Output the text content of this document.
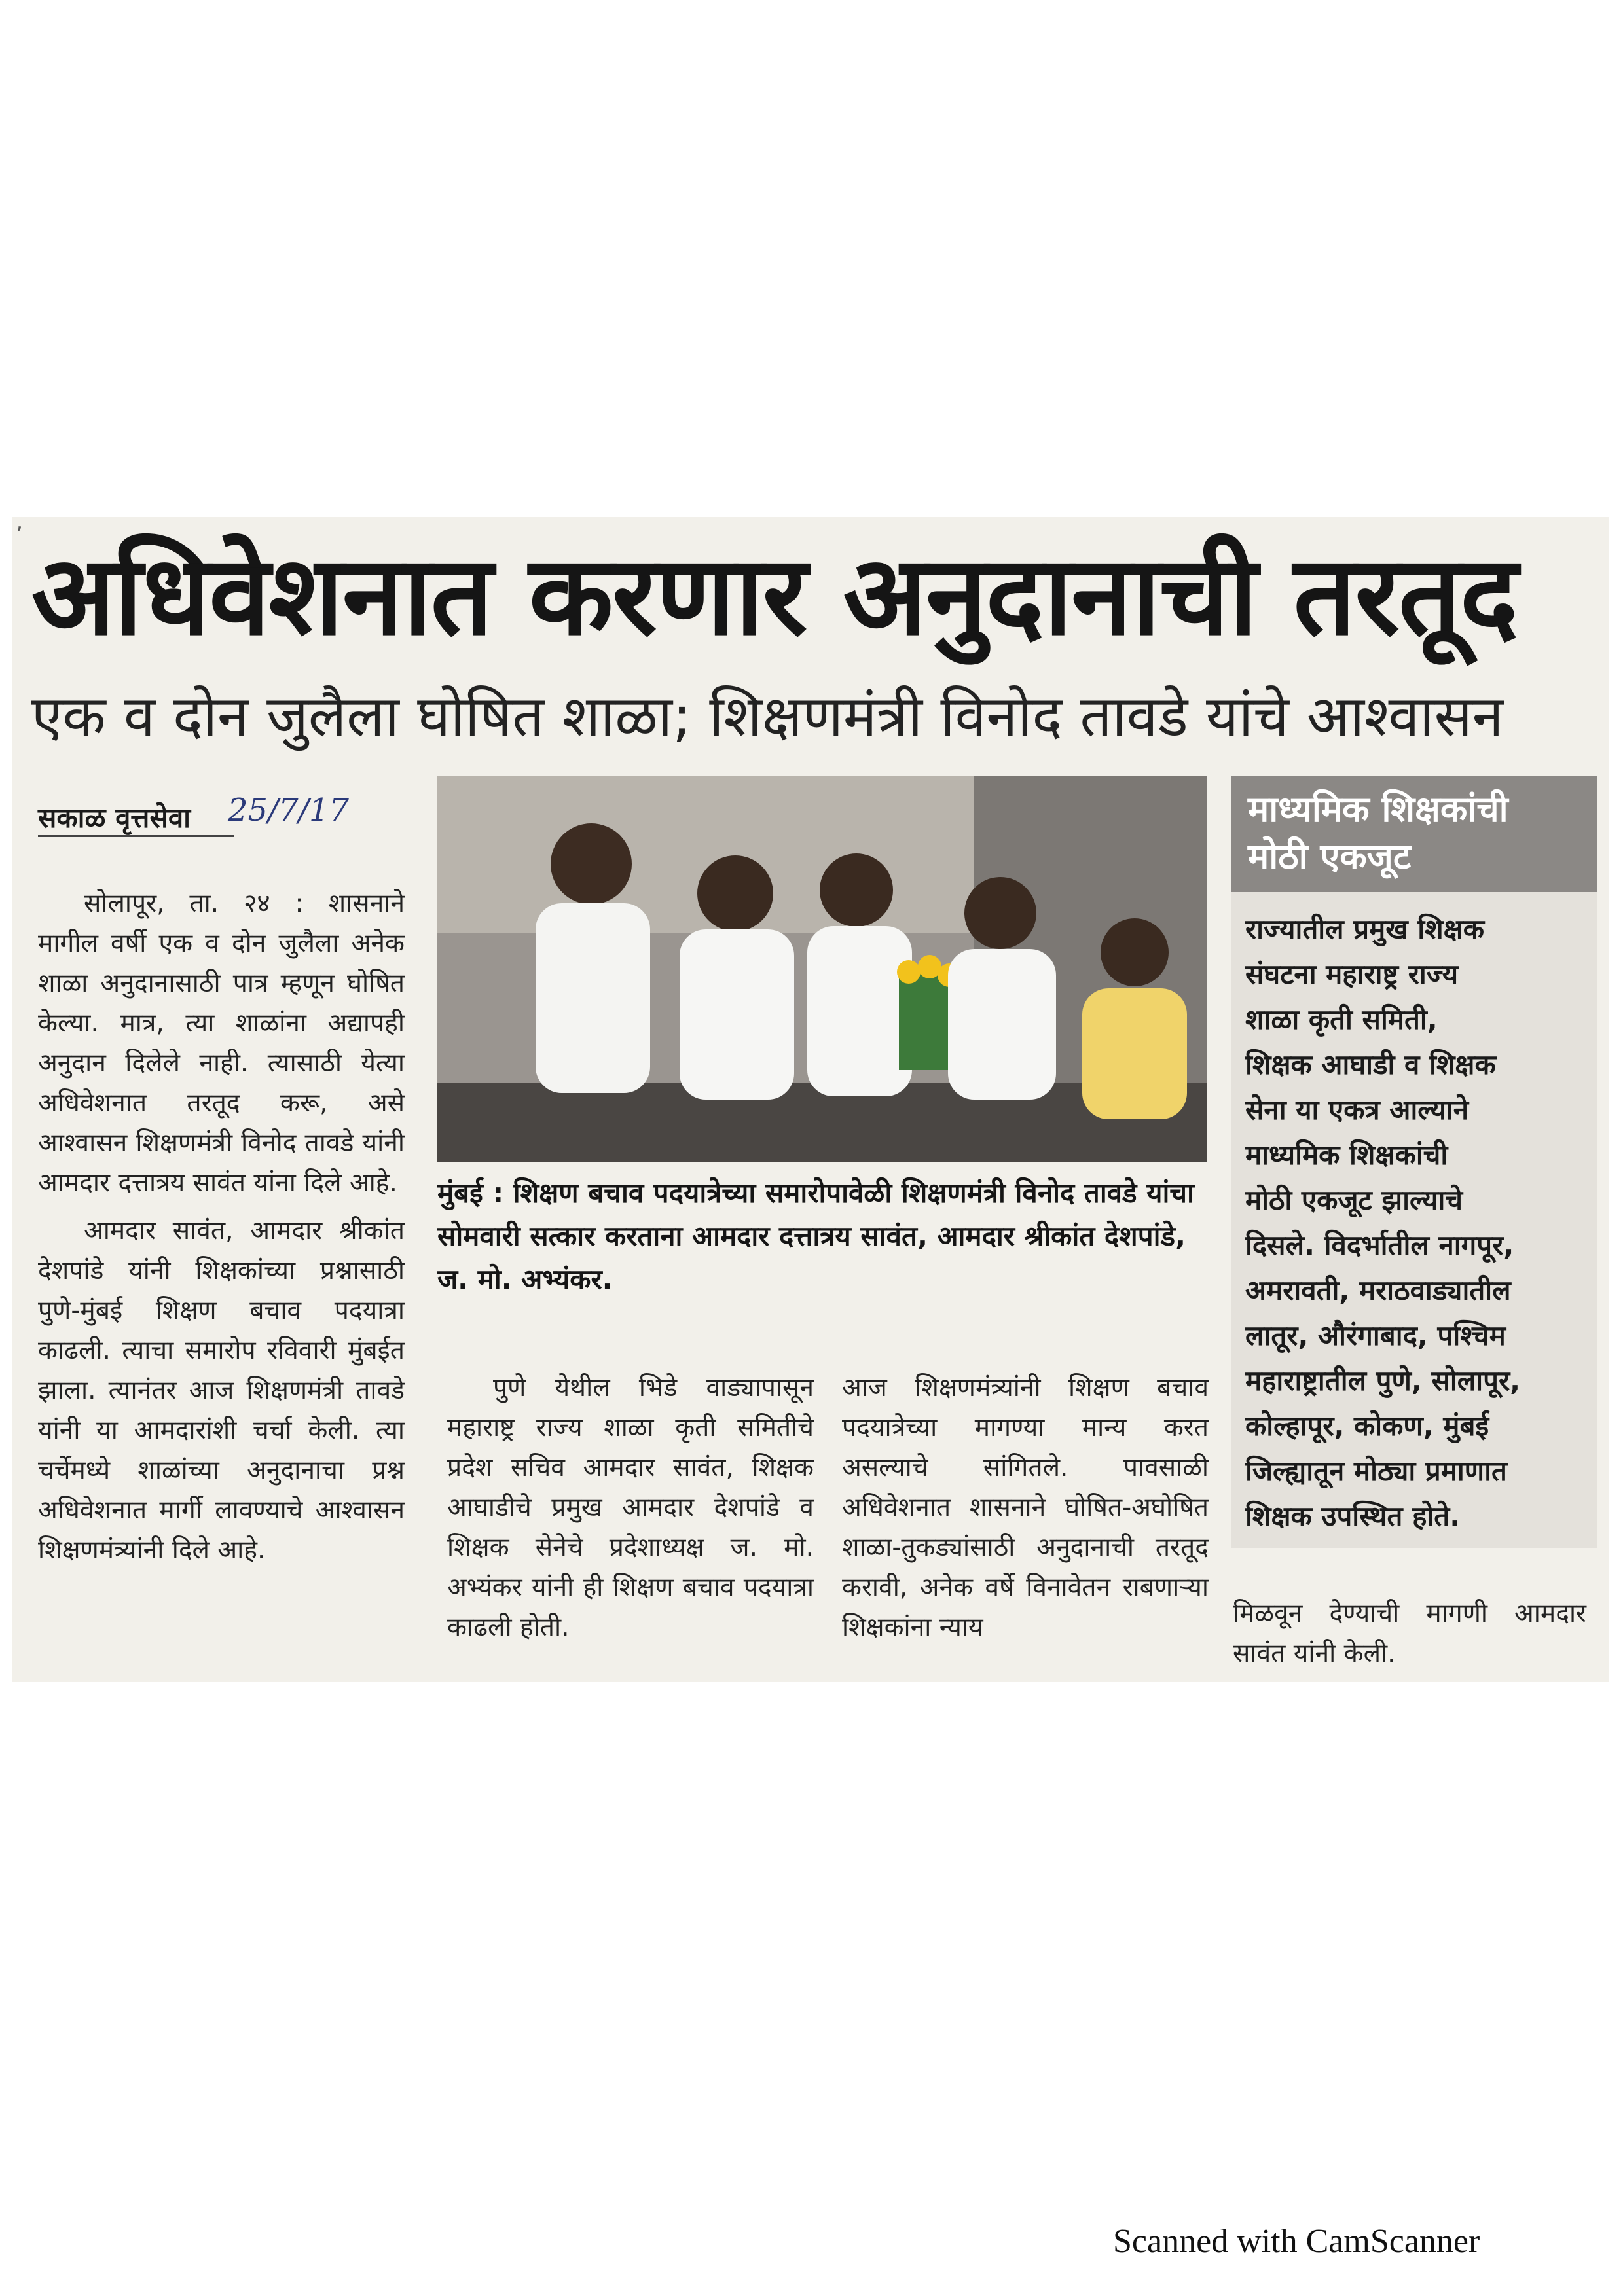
ʼ अधिवेशनात करणार अनुदानाची तरतूद
एक व दोन जुलैला घोषित शाळा; शिक्षणमंत्री विनोद तावडे यांचे आश्वासन
सकाळ वृत्तसेवा 25/7/17

सोलापूर, ता. २४ : शासनाने मागील वर्षी एक व दोन जुलैला अनेक शाळा अनुदानासाठी पात्र म्हणून घोषित केल्या. मात्र, त्या शाळांना अद्यापही अनुदान दिलेले नाही. त्यासाठी येत्या अधिवेशनात तरतूद करू, असे आश्वासन शिक्षणमंत्री विनोद तावडे यांनी आमदार दत्तात्रय सावंत यांना दिले आहे.

आमदार सावंत, आमदार श्रीकांत देशपांडे यांनी शिक्षकांच्या प्रश्नासाठी पुणे-मुंबई शिक्षण बचाव पदयात्रा काढली. त्याचा समारोप रविवारी मुंबईत झाला. त्यानंतर आज शिक्षणमंत्री तावडे यांनी या आमदारांशी चर्चा केली. त्या चर्चेमध्ये शाळांच्या अनुदानाचा प्रश्न अधिवेशनात मार्गी लावण्याचे आश्वासन शिक्षणमंत्र्यांनी दिले आहे.

मुंबई : शिक्षण बचाव पदयात्रेच्या समारोपावेळी शिक्षणमंत्री विनोद तावडे यांचा सोमवारी सत्कार करताना आमदार दत्तात्रय सावंत, आमदार श्रीकांत देशपांडे, ज. मो. अभ्यंकर.

पुणे येथील भिडे वाड्यापासून महाराष्ट्र राज्य शाळा कृती समितीचे प्रदेश सचिव आमदार सावंत, शिक्षक आघाडीचे प्रमुख आमदार देशपांडे व शिक्षक सेनेचे प्रदेशाध्यक्ष ज. मो. अभ्यंकर यांनी ही शिक्षण बचाव पदयात्रा काढली होती.

आज शिक्षणमंत्र्यांनी शिक्षण बचाव पदयात्रेच्या मागण्या मान्य करत असल्याचे सांगितले. पावसाळी अधिवेशनात शासनाने घोषित-अघोषित शाळा-तुकड्यांसाठी अनुदानाची तरतूद करावी, अनेक वर्षे विनावेतन राबणाऱ्या शिक्षकांना न्याय	मिळवून देण्याची मागणी आमदार सावंत यांनी केली.

माध्यमिक शिक्षकांची
मोठी एकजूट
राज्यातील प्रमुख शिक्षक
संघटना महाराष्ट्र राज्य
शाळा कृती समिती,
शिक्षक आघाडी व शिक्षक
सेना या एकत्र आल्याने
माध्यमिक शिक्षकांची
मोठी एकजूट झाल्याचे
दिसले. विदर्भातील नागपूर,
अमरावती, मराठवाड्यातील
लातूर, औरंगाबाद, पश्चिम
महाराष्ट्रातील पुणे, सोलापूर,
कोल्हापूर, कोकण, मुंबई
जिल्ह्यातून मोठ्या प्रमाणात
शिक्षक उपस्थित होते.
Scanned with CamScanner
